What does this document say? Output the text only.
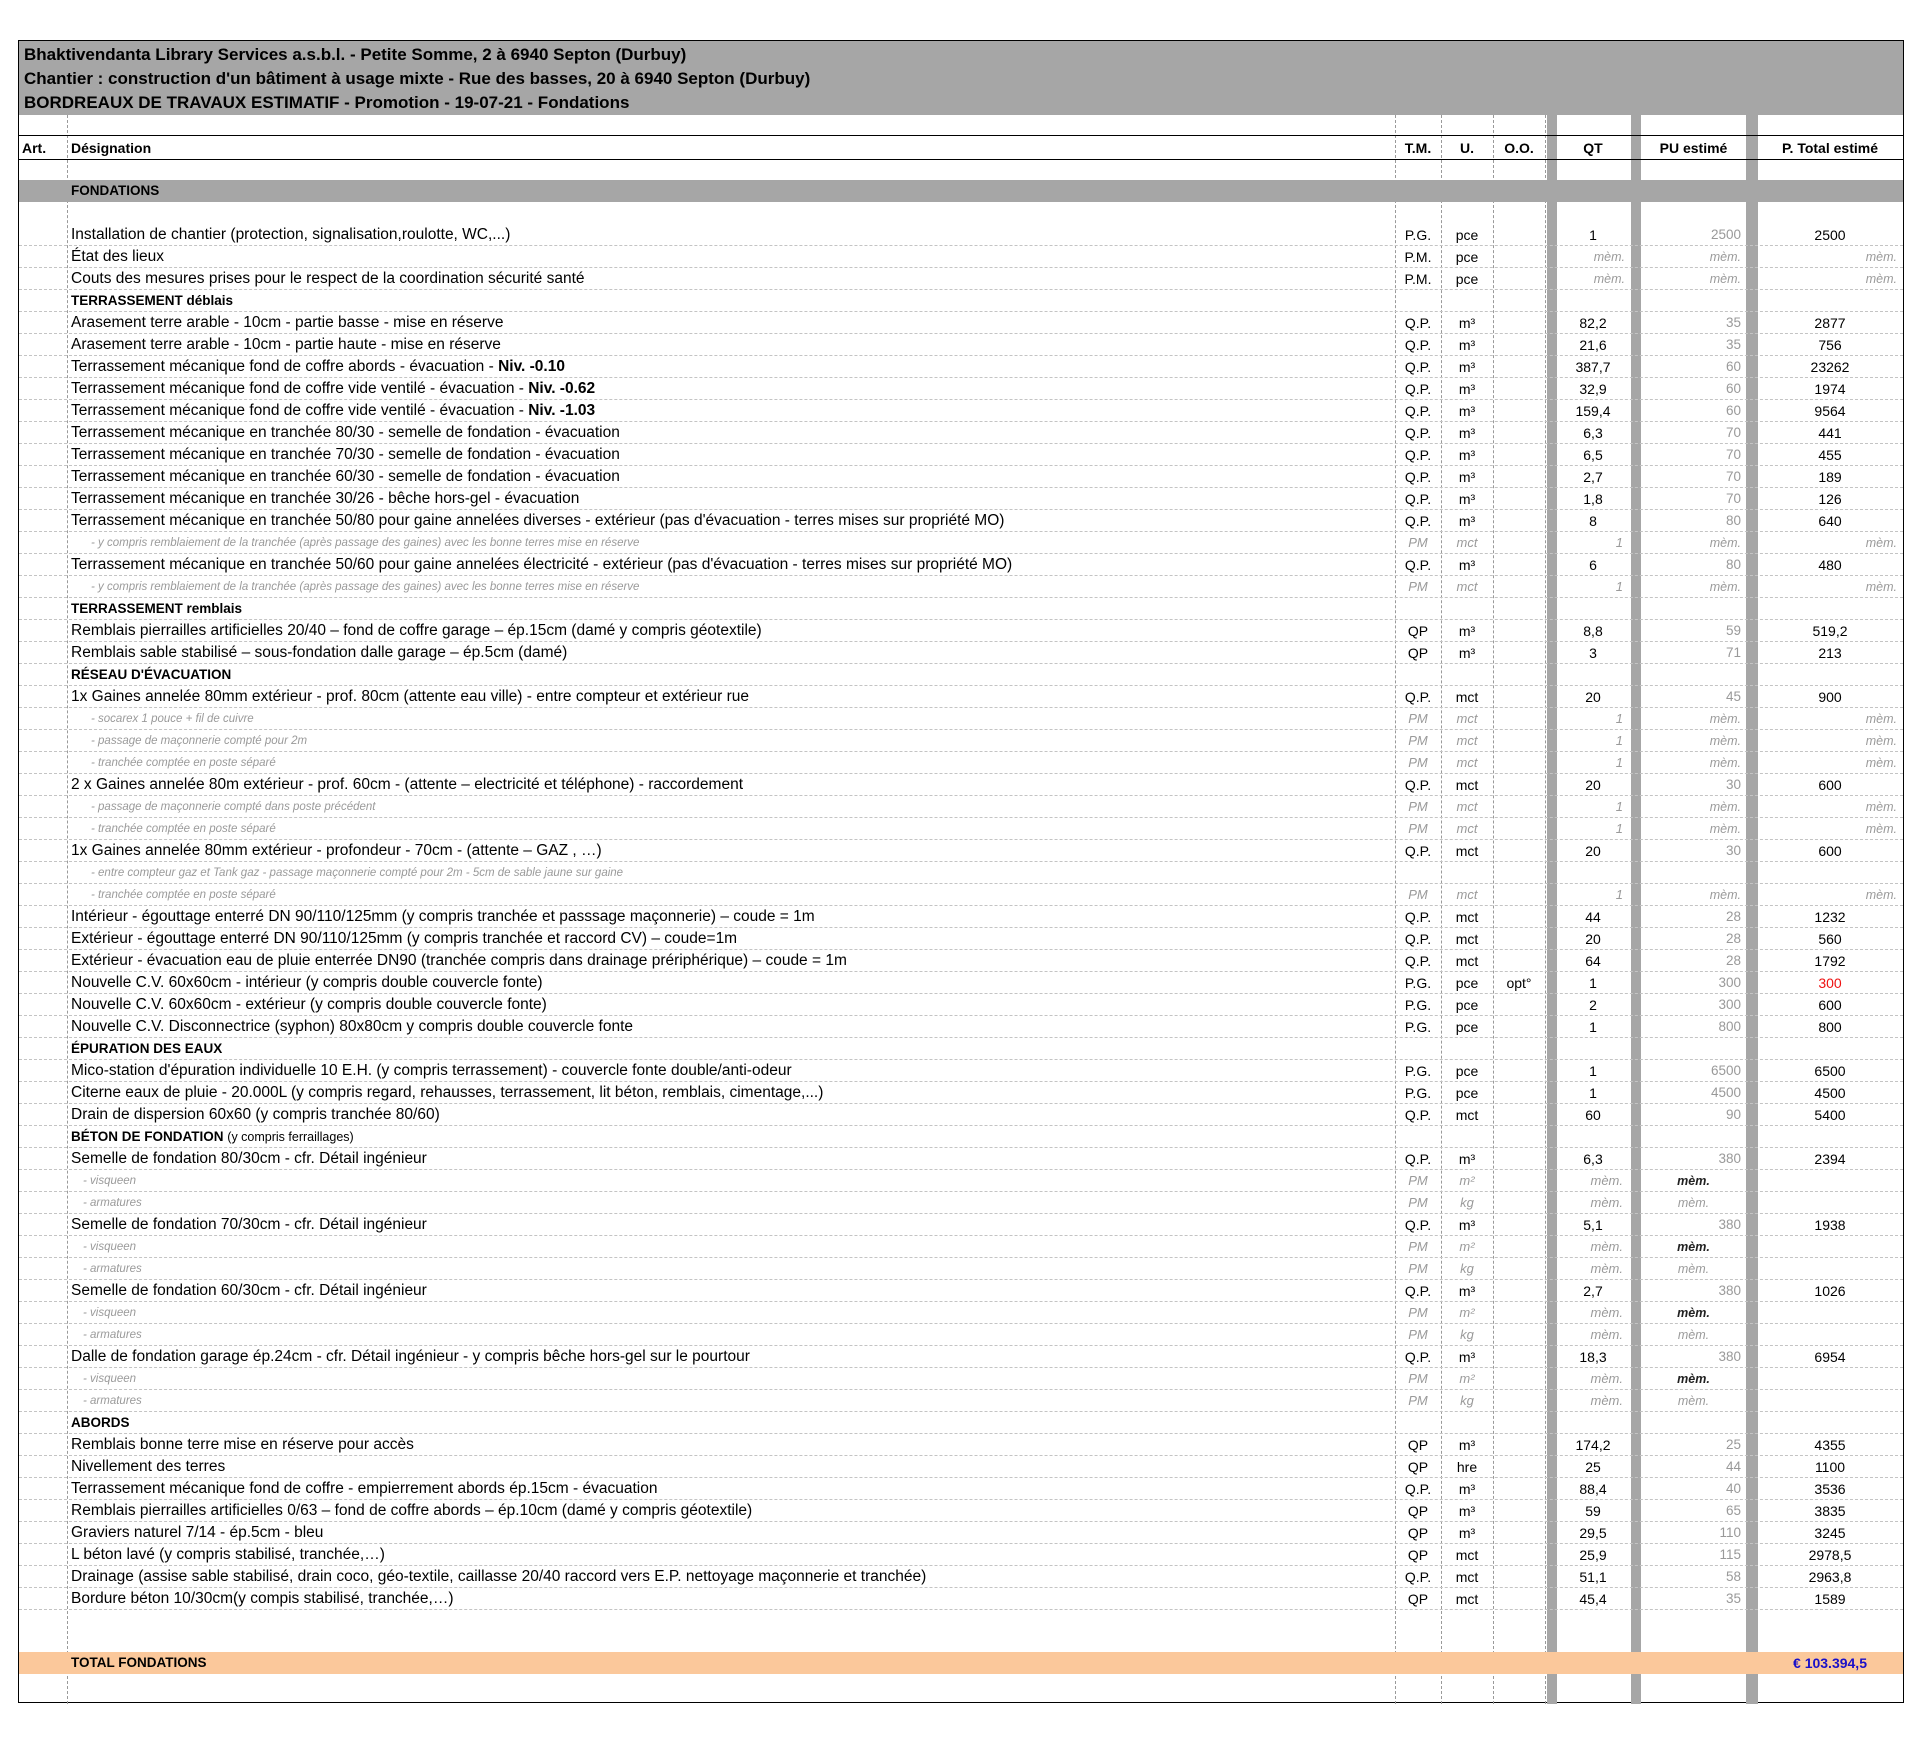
Bhaktivendanta Library Services a.s.b.l. - Petite Somme, 2 à 6940 Septon (Durbuy)
Chantier : construction d'un bâtiment à usage mixte - Rue des basses, 20 à 6940 Septon (Durbuy)
BORDREAUX DE TRAVAUX ESTIMATIF - Promotion - 19-07-21 - Fondations
Art. Désignation	T.M.	U.	O.O.	QT	PU estimé	P. Total estimé
FONDATIONS
Installation de chantier (protection, signalisation,roulotte, WC,...)	P.G.	pce	1	2500	2500
État des lieux	P.M.	pce	mèm.	mèm.	mèm.
Couts des mesures prises pour le respect de la coordination sécurité santé	P.M.	pce	mèm.	mèm.	mèm.
TERRASSEMENT déblais
Arasement terre arable - 10cm - partie basse - mise en réserve	Q.P.	m³	82,2	35	2877
Arasement terre arable - 10cm - partie haute - mise en réserve	Q.P.	m³	21,6	35	756
Terrassement mécanique fond de coffre abords - évacuation - Niv. -0.10	Q.P.	m³	387,7	60	23262
Terrassement mécanique fond de coffre vide ventilé - évacuation - Niv. -0.62	Q.P.	m³	32,9	60	1974
Terrassement mécanique fond de coffre vide ventilé - évacuation - Niv. -1.03	Q.P.	m³	159,4	60	9564
Terrassement mécanique en tranchée 80/30 - semelle de fondation - évacuation	Q.P.	m³	6,3	70	441
Terrassement mécanique en tranchée 70/30 - semelle de fondation - évacuation	Q.P.	m³	6,5	70	455
Terrassement mécanique en tranchée 60/30 - semelle de fondation - évacuation	Q.P.	m³	2,7	70	189
Terrassement mécanique en tranchée 30/26 - bêche hors-gel - évacuation	Q.P.	m³	1,8	70	126
Terrassement mécanique en tranchée 50/80 pour gaine annelées diverses - extérieur (pas d'évacuation - terres mises sur propriété MO)	Q.P.	m³	8	80	640
- y compris remblaiement de la tranchée (après passage des gaines) avec les bonne terres mise en réserve	PM	mct	1	mèm.	mèm.
Terrassement mécanique en tranchée 50/60 pour gaine annelées électricité - extérieur (pas d'évacuation - terres mises sur propriété MO)	Q.P.	m³	6	80	480
- y compris remblaiement de la tranchée (après passage des gaines) avec les bonne terres mise en réserve	PM	mct	1	mèm.	mèm.
TERRASSEMENT remblais
Remblais pierrailles artificielles 20/40 – fond de coffre garage – ép.15cm (damé y compris géotextile)	QP	m³	8,8	59	519,2
Remblais sable stabilisé – sous-fondation dalle garage – ép.5cm (damé)	QP	m³	3	71	213
RÉSEAU D'ÉVACUATION
1x Gaines annelée 80mm extérieur - prof. 80cm (attente eau ville) - entre compteur et extérieur rue	Q.P.	mct	20	45	900
- socarex 1 pouce + fil de cuivre	PM	mct	1	mèm.	mèm.
- passage de maçonnerie compté pour 2m	PM	mct	1	mèm.	mèm.
- tranchée comptée en poste séparé	PM	mct	1	mèm.	mèm.
2 x Gaines annelée 80m extérieur - prof. 60cm - (attente – electricité et téléphone) - raccordement	Q.P.	mct	20	30	600
- passage de maçonnerie compté dans poste précédent	PM	mct	1	mèm.	mèm.
- tranchée comptée en poste séparé	PM	mct	1	mèm.	mèm.
1x Gaines annelée 80mm extérieur - profondeur - 70cm - (attente – GAZ , …)	Q.P.	mct	20	30	600
- entre compteur gaz et Tank gaz - passage maçonnerie compté pour 2m - 5cm de sable jaune sur gaine
- tranchée comptée en poste séparé	PM	mct	1	mèm.	mèm.
Intérieur - égouttage enterré DN 90/110/125mm (y compris tranchée et passsage maçonnerie) – coude = 1m	Q.P.	mct	44	28	1232
Extérieur - égouttage enterré DN 90/110/125mm (y compris tranchée et raccord CV) – coude=1m	Q.P.	mct	20	28	560
Extérieur - évacuation eau de pluie enterrée DN90 (tranchée compris dans drainage prériphérique) – coude = 1m	Q.P.	mct	64	28	1792
Nouvelle C.V. 60x60cm - intérieur (y compris double couvercle fonte)	P.G.	pce	opt°	1	300	300
Nouvelle C.V. 60x60cm - extérieur (y compris double couvercle fonte)	P.G.	pce	2	300	600
Nouvelle C.V. Disconnectrice (syphon) 80x80cm y compris double couvercle fonte	P.G.	pce	1	800	800
ÉPURATION DES EAUX
Mico-station d'épuration individuelle 10 E.H. (y compris terrassement) - couvercle fonte double/anti-odeur	P.G.	pce	1	6500	6500
Citerne eaux de pluie - 20.000L (y compris regard, rehausses, terrassement, lit béton, remblais, cimentage,...)	P.G.	pce	1	4500	4500
Drain de dispersion 60x60 (y compris tranchée 80/60)	Q.P.	mct	60	90	5400
BÉTON DE FONDATION (y compris ferraillages)
Semelle de fondation 80/30cm - cfr. Détail ingénieur	Q.P.	m³	6,3	380	2394
- visqueen	PM	m²	mèm.	mèm.
- armatures	PM	kg	mèm.	mèm.
Semelle de fondation 70/30cm - cfr. Détail ingénieur	Q.P.	m³	5,1	380	1938
- visqueen	PM	m²	mèm.	mèm.
- armatures	PM	kg	mèm.	mèm.
Semelle de fondation 60/30cm - cfr. Détail ingénieur	Q.P.	m³	2,7	380	1026
- visqueen	PM	m²	mèm.	mèm.
- armatures	PM	kg	mèm.	mèm.
Dalle de fondation garage ép.24cm - cfr. Détail ingénieur - y compris bêche hors-gel sur le pourtour	Q.P.	m³	18,3	380	6954
- visqueen	PM	m²	mèm.	mèm.
- armatures	PM	kg	mèm.	mèm.
ABORDS
Remblais bonne terre mise en réserve pour accès	QP	m³	174,2	25	4355
Nivellement des terres	QP	hre	25	44	1100
Terrassement mécanique fond de coffre - empierrement abords ép.15cm - évacuation	Q.P.	m³	88,4	40	3536
Remblais pierrailles artificielles 0/63 – fond de coffre abords – ép.10cm (damé y compris géotextile)	QP	m³	59	65	3835
Graviers naturel 7/14 - ép.5cm - bleu	QP	m³	29,5	110	3245
L béton lavé (y compris stabilisé, tranchée,…)	QP	mct	25,9	115	2978,5
Drainage (assise sable stabilisé, drain coco, géo-textile, caillasse 20/40 raccord vers E.P. nettoyage maçonnerie et tranchée)	Q.P.	mct	51,1	58	2963,8
Bordure béton 10/30cm(y compis stabilisé, tranchée,…)	QP	mct	45,4	35	1589
TOTAL FONDATIONS	€ 103.394,5
